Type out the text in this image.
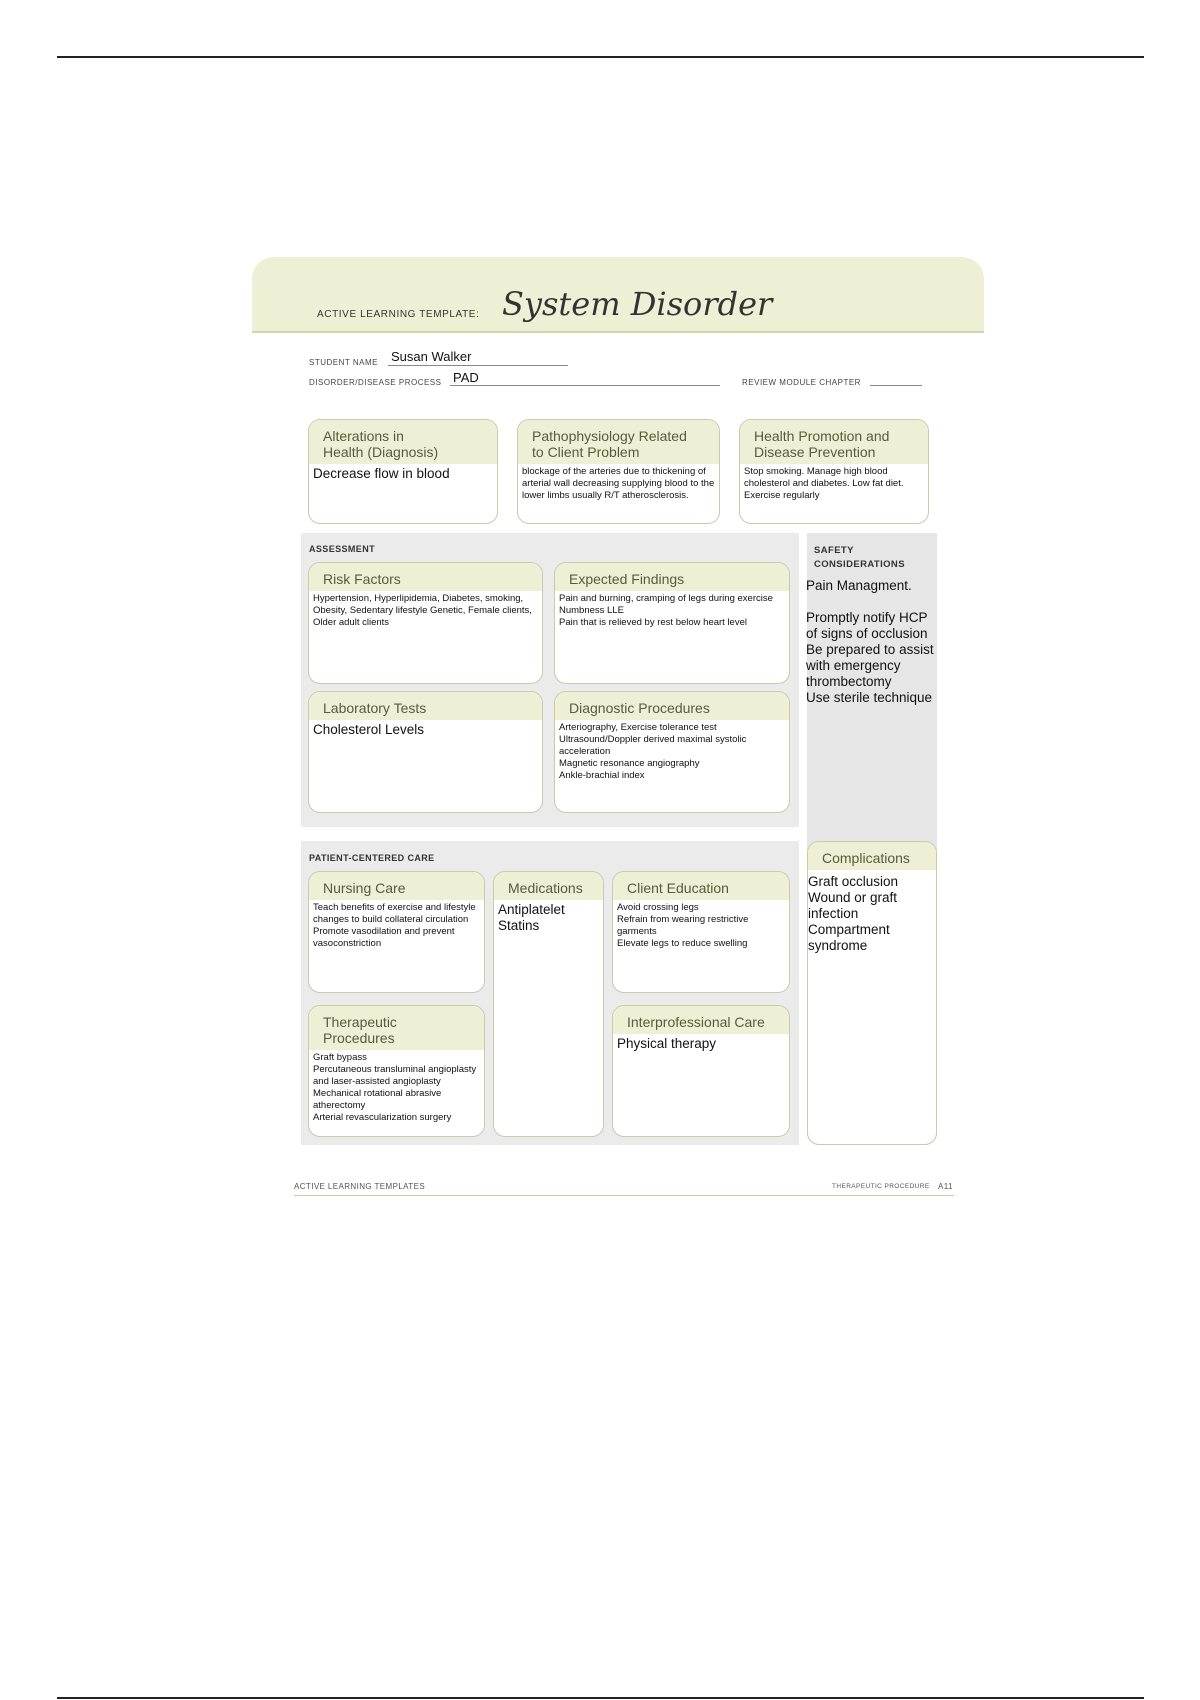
ACTIVE LEARNING TEMPLATE: System Disorder
STUDENT NAME Susan Walker
DISORDER/DISEASE PROCESS PAD	REVIEW MODULE CHAPTER
Alterations in
Health (Diagnosis)
Decrease flow in blood
Pathophysiology Related
to Client Problem
blockage of the arteries due to thickening of arterial wall decreasing supplying blood to the lower limbs usually R/T atherosclerosis.
Health Promotion and
Disease Prevention
Stop smoking. Manage high blood cholesterol and diabetes. Low fat diet. Exercise regularly
ASSESSMENT
Risk Factors
Hypertension, Hyperlipidemia, Diabetes, smoking, Obesity, Sedentary lifestyle Genetic, Female clients, Older adult clients
Expected Findings
Pain and burning, cramping of legs during exercise
Numbness LLE
Pain that is relieved by rest below heart level
Laboratory Tests
Cholesterol Levels
Diagnostic Procedures
Arteriography, Exercise tolerance test
Ultrasound/Doppler derived maximal systolic acceleration
Magnetic resonance angiography
Ankle-brachial index
SAFETY
CONSIDERATIONS
Pain Managment.

Promptly notify HCP of signs of occlusion
Be prepared to assist with emergency thrombectomy
Use sterile technique
PATIENT-CENTERED CARE
Nursing Care
Teach benefits of exercise and lifestyle changes to build collateral circulation
Promote vasodilation and prevent vasoconstriction
Medications
Antiplatelet
Statins
Client Education
Avoid crossing legs
Refrain from wearing restrictive garments
Elevate legs to reduce swelling
Therapeutic Procedures
Graft bypass
Percutaneous transluminal angioplasty and laser-assisted angioplasty
Mechanical rotational abrasive atherectomy
Arterial revascularization surgery
Interprofessional Care
Physical therapy
Complications
Graft occlusion
Wound or graft infection
Compartment syndrome
ACTIVE LEARNING TEMPLATES	THERAPEUTIC PROCEDURE A11
